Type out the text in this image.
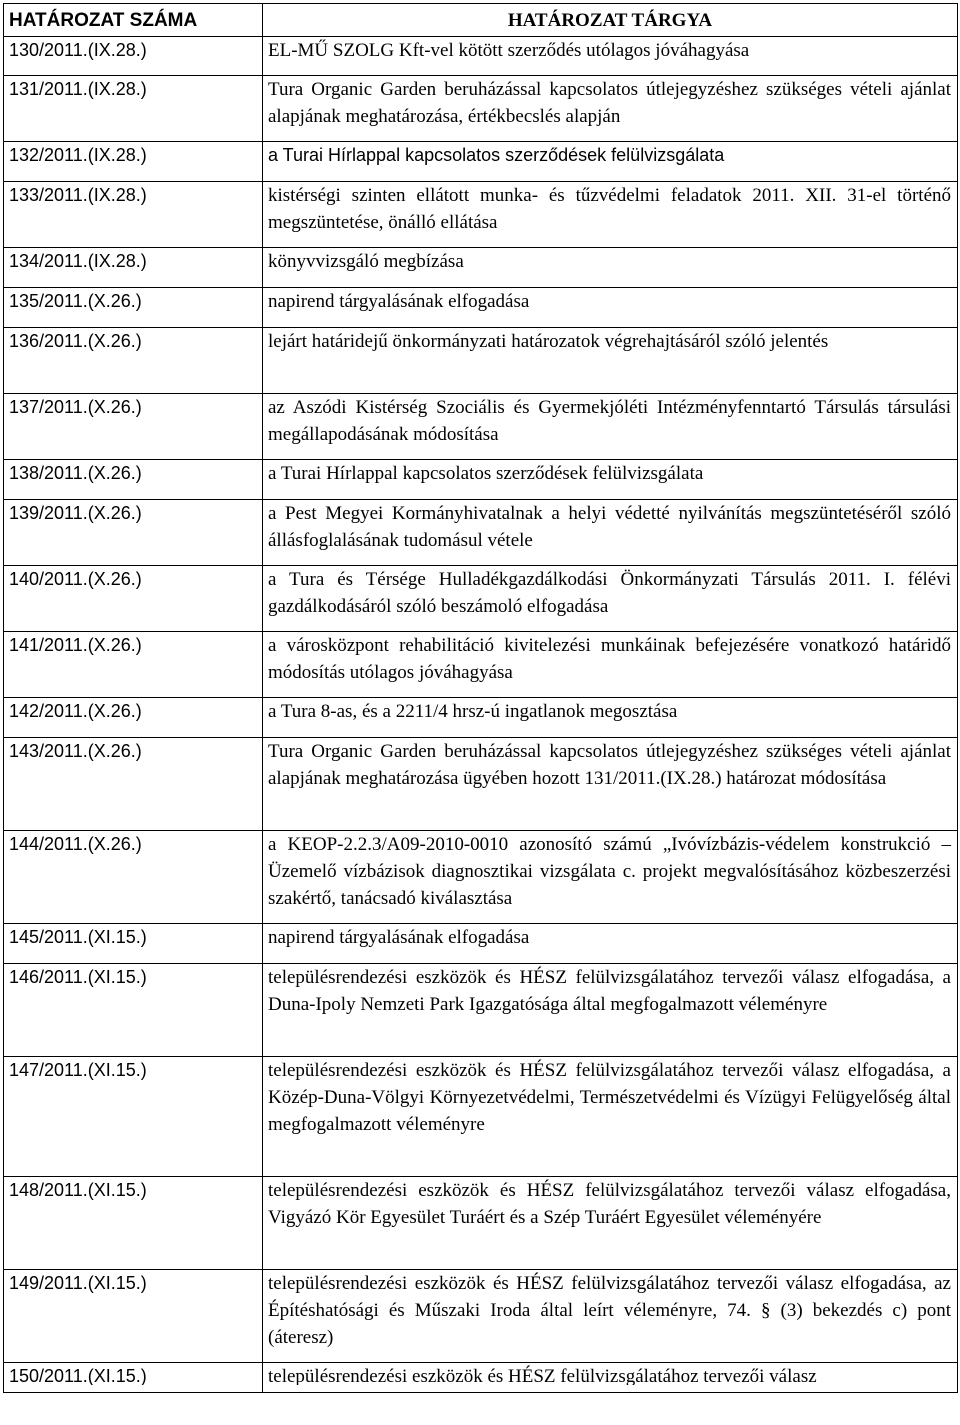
HATÁROZAT SZÁMA	HATÁROZAT TÁRGYA
130/2011.(IX.28.)	EL-MŰ SZOLG Kft-vel kötött szerződés utólagos jóváhagyása
131/2011.(IX.28.)	Tura Organic Garden beruházással kapcsolatos útlejegyzéshez szükséges vételi ajánlat alapjának meghatározása, értékbecslés alapján
132/2011.(IX.28.)	a Turai Hírlappal kapcsolatos szerződések felülvizsgálata
133/2011.(IX.28.)	kistérségi szinten ellátott munka- és tűzvédelmi feladatok 2011. XII. 31-el történő megszüntetése, önálló ellátása
134/2011.(IX.28.)	könyvvizsgáló megbízása
135/2011.(X.26.)	napirend tárgyalásának elfogadása
136/2011.(X.26.)	lejárt határidejű önkormányzati határozatok végrehajtásáról szóló jelentés
137/2011.(X.26.)	az Aszódi Kistérség Szociális és Gyermekjóléti Intézményfenntartó Társulás társulási megállapodásának módosítása
138/2011.(X.26.)	a Turai Hírlappal kapcsolatos szerződések felülvizsgálata
139/2011.(X.26.)	a Pest Megyei Kormányhivatalnak a helyi védetté nyilvánítás megszüntetéséről szóló állásfoglalásának tudomásul vétele
140/2011.(X.26.)	a Tura és Térsége Hulladékgazdálkodási Önkormányzati Társulás 2011. I. félévi gazdálkodásáról szóló beszámoló elfogadása
141/2011.(X.26.)	a városközpont rehabilitáció kivitelezési munkáinak befejezésére vonatkozó határidő módosítás utólagos jóváhagyása
142/2011.(X.26.)	a Tura 8-as, és a 2211/4 hrsz-ú ingatlanok megosztása
143/2011.(X.26.)	Tura Organic Garden beruházással kapcsolatos útlejegyzéshez szükséges vételi ajánlat alapjának meghatározása ügyében hozott 131/2011.(IX.28.) határozat módosítása
144/2011.(X.26.)	a KEOP-2.2.3/A09-2010-0010 azonosító számú „Ivóvízbázis-védelem konstrukció – Üzemelő vízbázisok diagnosztikai vizsgálata c. projekt megvalósításához közbeszerzési szakértő, tanácsadó kiválasztása
145/2011.(XI.15.)	napirend tárgyalásának elfogadása
146/2011.(XI.15.)	településrendezési eszközök és HÉSZ felülvizsgálatához tervezői válasz elfogadása, a Duna-Ipoly Nemzeti Park Igazgatósága által megfogalmazott véleményre
147/2011.(XI.15.)	településrendezési eszközök és HÉSZ felülvizsgálatához tervezői válasz elfogadása, a Közép-Duna-Völgyi Környezetvédelmi, Természetvédelmi és Vízügyi Felügyelőség által megfogalmazott véleményre
148/2011.(XI.15.)	településrendezési eszközök és HÉSZ felülvizsgálatához tervezői válasz elfogadása, Vigyázó Kör Egyesület Turáért és a Szép Turáért Egyesület véleményére
149/2011.(XI.15.)	településrendezési eszközök és HÉSZ felülvizsgálatához tervezői válasz elfogadása, az Építéshatósági és Műszaki Iroda által leírt véleményre, 74. § (3) bekezdés c) pont (áteresz)

150/2011.(XI.15.)	településrendezési eszközök és HÉSZ felülvizsgálatához tervezői válasz
